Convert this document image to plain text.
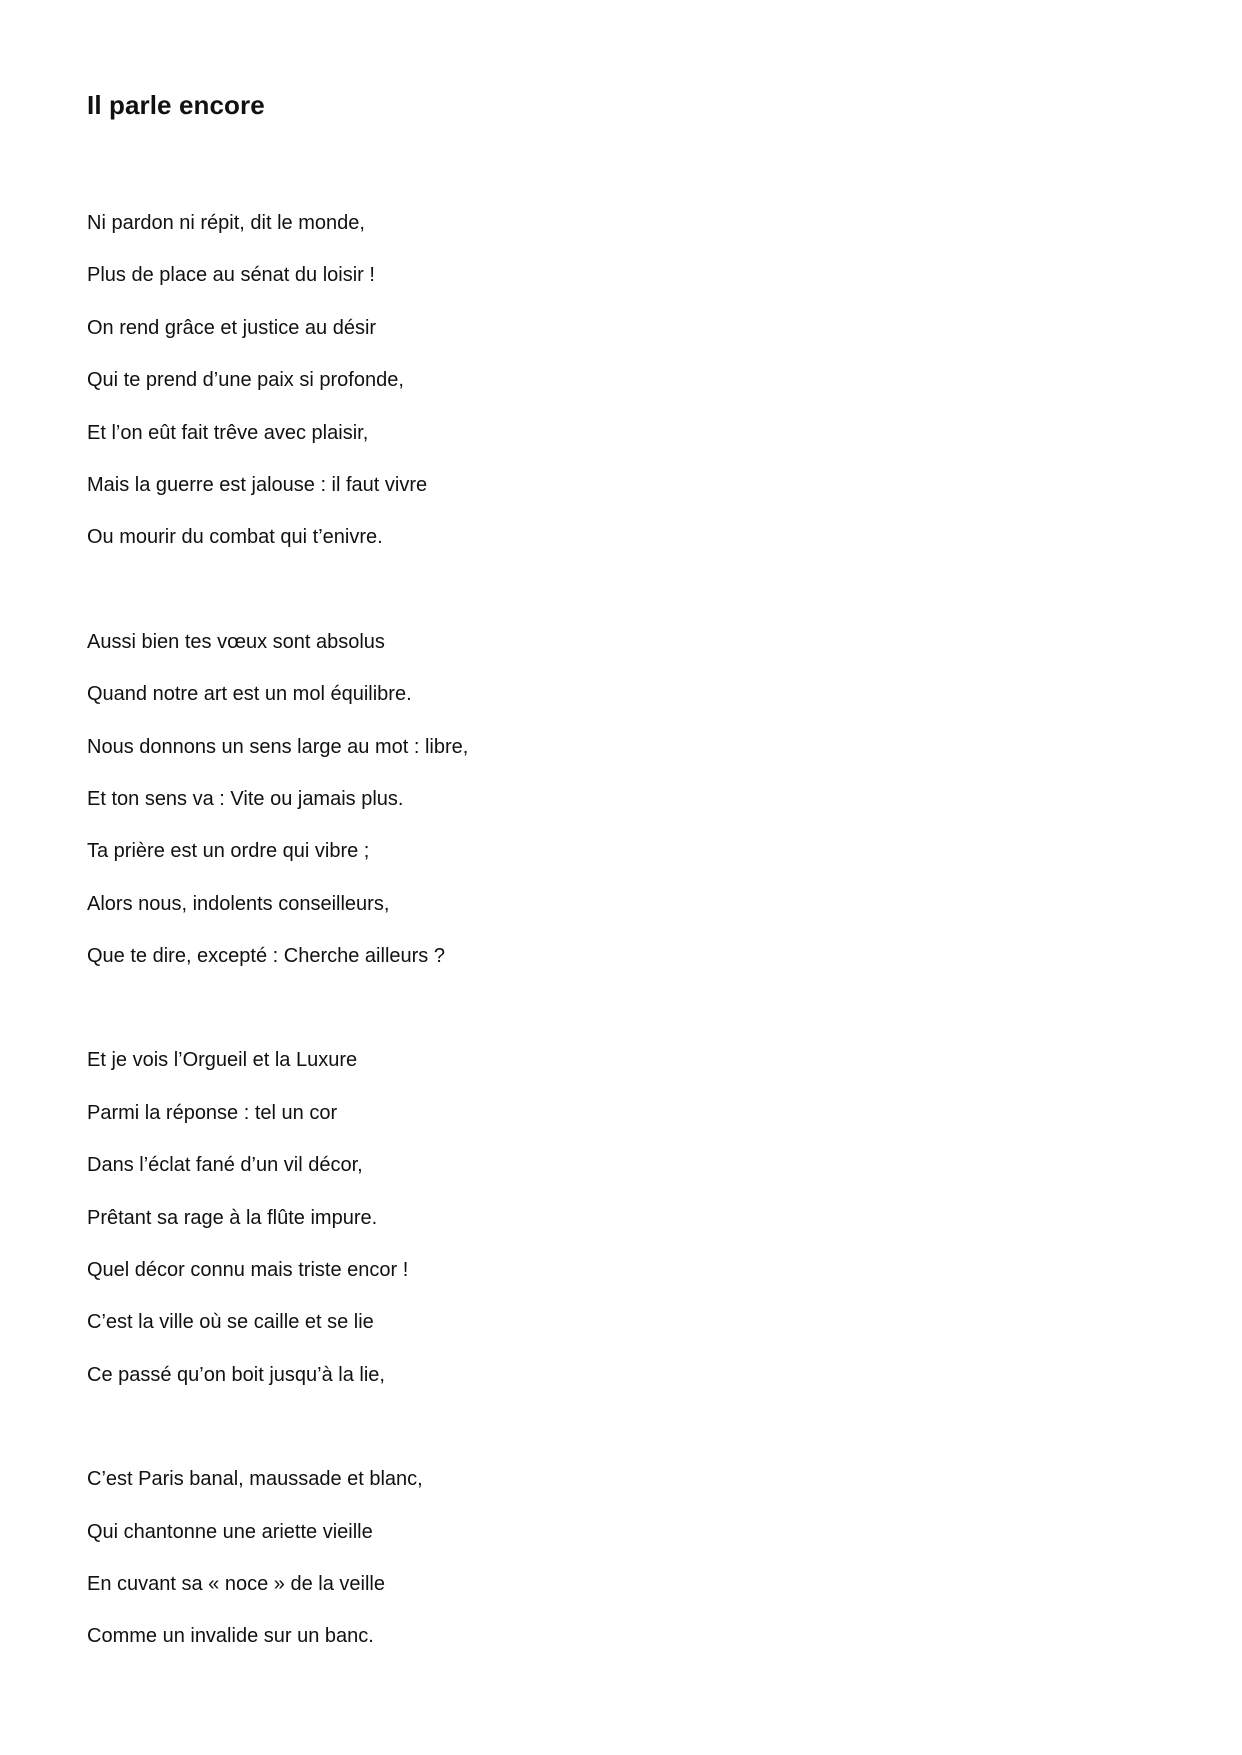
Il parle encore
Ni pardon ni répit, dit le monde,
Plus de place au sénat du loisir !
On rend grâce et justice au désir
Qui te prend d’une paix si profonde,
Et l’on eût fait trêve avec plaisir,
Mais la guerre est jalouse : il faut vivre
Ou mourir du combat qui t’enivre.
Aussi bien tes vœux sont absolus
Quand notre art est un mol équilibre.
Nous donnons un sens large au mot : libre,
Et ton sens va : Vite ou jamais plus.
Ta prière est un ordre qui vibre ;
Alors nous, indolents conseilleurs,
Que te dire, excepté : Cherche ailleurs ?
Et je vois l’Orgueil et la Luxure
Parmi la réponse : tel un cor
Dans l’éclat fané d’un vil décor,
Prêtant sa rage à la flûte impure.
Quel décor connu mais triste encor !
C’est la ville où se caille et se lie
Ce passé qu’on boit jusqu’à la lie,
C’est Paris banal, maussade et blanc,
Qui chantonne une ariette vieille
En cuvant sa « noce » de la veille
Comme un invalide sur un banc.
